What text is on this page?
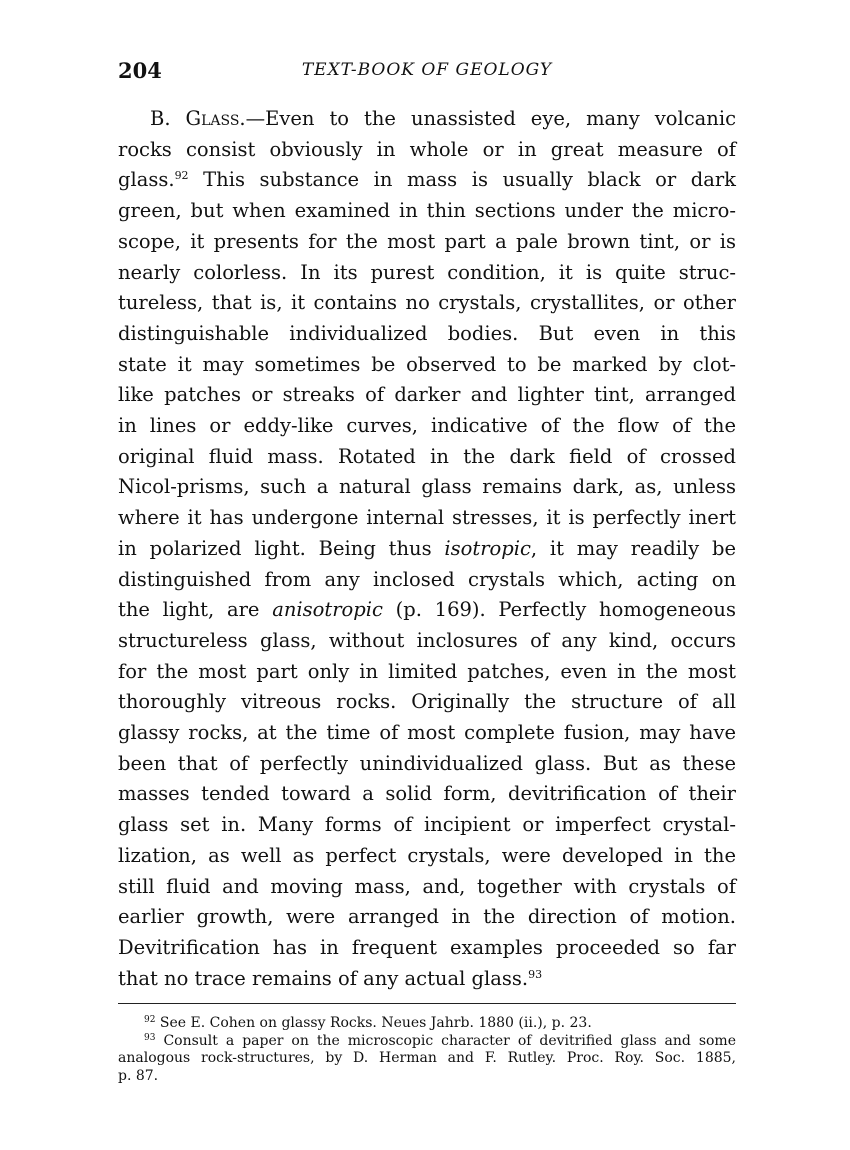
204	TEXT-BOOK OF GEOLOGY
B. Glass.—Even to the unassisted eye, many volcanic
rocks consist obviously in whole or in great measure of
glass.$^{92}$ This substance in mass is usually black or dark
green, but when examined in thin sections under the micro-
scope, it presents for the most part a pale brown tint, or is
nearly colorless. In its purest condition, it is quite struc-
tureless, that is, it contains no crystals, crystallites, or other
distinguishable individualized bodies. But even in this
state it may sometimes be observed to be marked by clot-
like patches or streaks of darker and lighter tint, arranged
in lines or eddy-like curves, indicative of the flow of the
original fluid mass. Rotated in the dark field of crossed
Nicol-prisms, such a natural glass remains dark, as, unless
where it has undergone internal stresses, it is perfectly inert
in polarized light. Being thus isotropic, it may readily be
distinguished from any inclosed crystals which, acting on
the light, are anisotropic (p. 169). Perfectly homogeneous
structureless glass, without inclosures of any kind, occurs
for the most part only in limited patches, even in the most
thoroughly vitreous rocks. Originally the structure of all
glassy rocks, at the time of most complete fusion, may have
been that of perfectly unindividualized glass. But as these
masses tended toward a solid form, devitrification of their
glass set in. Many forms of incipient or imperfect crystal-
lization, as well as perfect crystals, were developed in the
still fluid and moving mass, and, together with crystals of
earlier growth, were arranged in the direction of motion.
Devitrification has in frequent examples proceeded so far
that no trace remains of any actual glass.$^{93}$
$^{92}$ See E. Cohen on glassy Rocks. Neues Jahrb. 1880 (ii.), p. 23.
$^{93}$ Consult a paper on the microscopic character of devitrified glass and some
analogous rock-structures, by D. Herman and F. Rutley. Proc. Roy. Soc. 1885,
p. 87.
